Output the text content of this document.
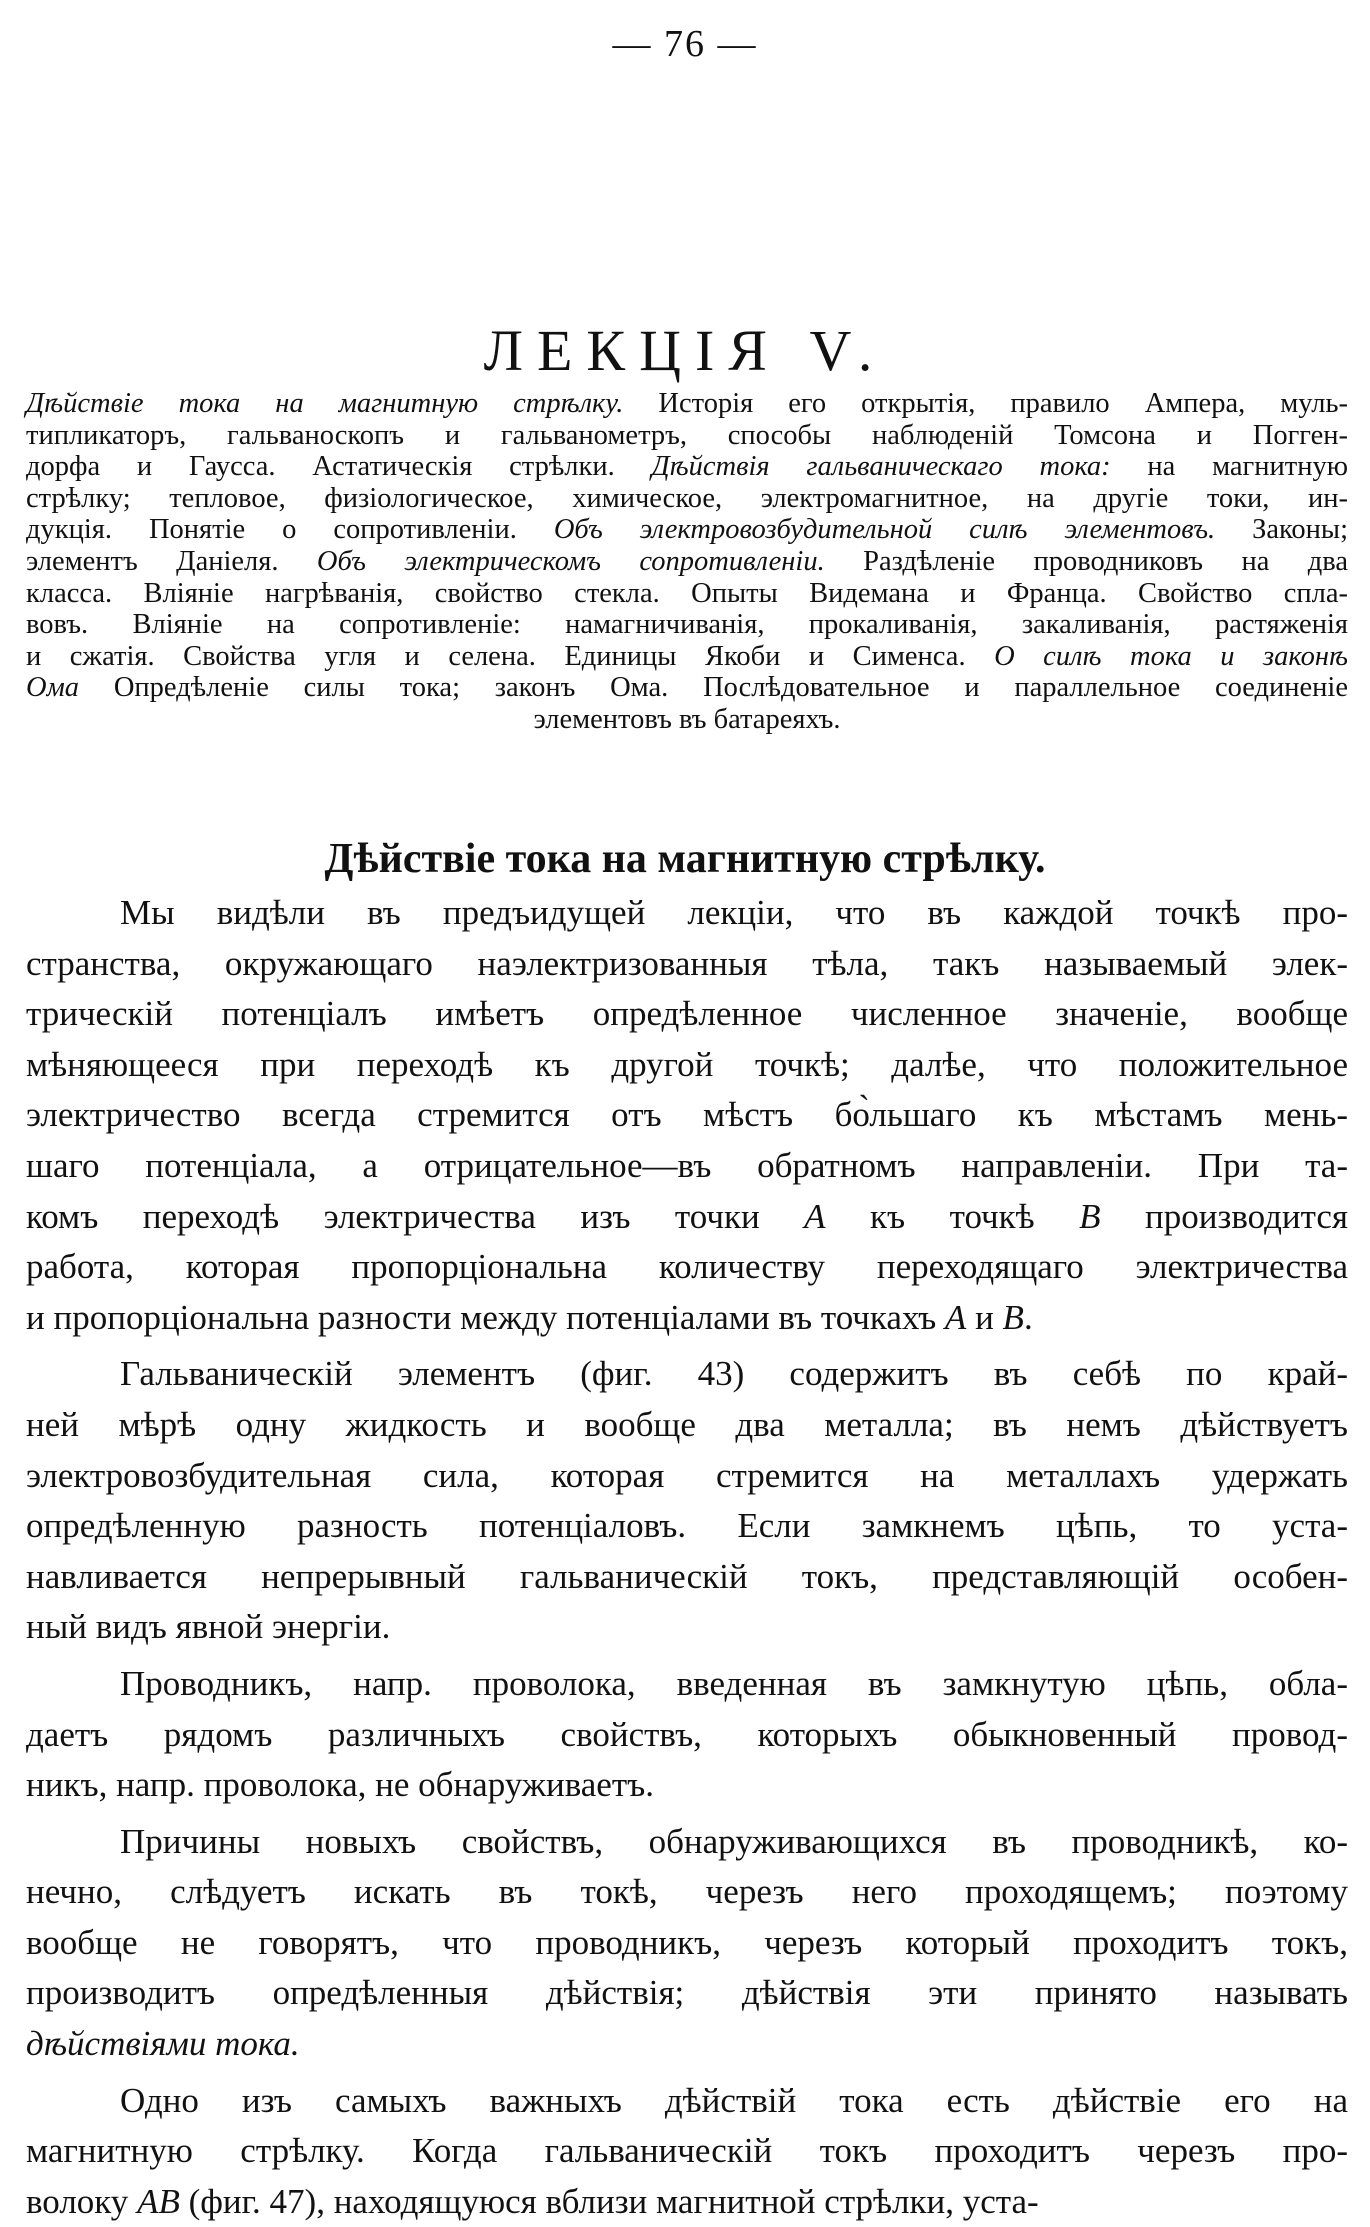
— 76 —
ЛЕКЦІЯ V.
Дѣйствіе тока на магнитную стрѣлку. Исторія его открытія, правило Ампера, муль-
типликаторъ, гальваноскопъ и гальванометръ, способы наблюденій Томсона и Погген-
дорфа и Гаусса. Астатическія стрѣлки. Дѣйствія гальваническаго тока: на магнитную
стрѣлку; тепловое, физіологическое, химическое, электромагнитное, на другіе токи, ин-
дукція. Понятіе о сопротивленіи. Объ электровозбудительной силѣ элементовъ. Законы;
элементъ Даніеля. Объ электрическомъ сопротивленіи. Раздѣленіе проводниковъ на два
класса. Вліяніе нагрѣванія, свойство стекла. Опыты Видемана и Франца. Свойство спла-
вовъ. Вліяніе на сопротивленіе: намагничиванія, прокаливанія, закаливанія, растяженія
и сжатія. Свойства угля и селена. Единицы Якоби и Сименса. О силѣ тока и законѣ
Ома Опредѣленіе силы тока; законъ Ома. Послѣдовательное и параллельное соединеніе
элементовъ въ батареяхъ.
Дѣйствіе тока на магнитную стрѣлку.
Мы видѣли въ предъидущей лекціи, что въ каждой точкѣ про-
странства, окружающаго наэлектризованныя тѣла, такъ называемый элек-
трическій потенціалъ имѣетъ опредѣленное численное значеніе, вообще
мѣняющееся при переходѣ къ другой точкѣ; далѣе, что положительное
электричество всегда стремится отъ мѣстъ бо̀льшаго къ мѣстамъ мень-
шаго потенціала, а отрицательное—въ обратномъ направленіи. При та-
комъ переходѣ электричества изъ точки A къ точкѣ B производится
работа, которая пропорціональна количеству переходящаго электричества
и пропорціональна разности между потенціалами въ точкахъ A и B.
Гальваническій элементъ (фиг. 43) содержитъ въ себѣ по край-
ней мѣрѣ одну жидкость и вообще два металла; въ немъ дѣйствуетъ
электровозбудительная сила, которая стремится на металлахъ удержать
опредѣленную разность потенціаловъ. Если замкнемъ цѣпь, то уста-
навливается непрерывный гальваническій токъ, представляющій особен-
ный видъ явной энергіи.
Проводникъ, напр. проволока, введенная въ замкнутую цѣпь, обла-
даетъ рядомъ различныхъ свойствъ, которыхъ обыкновенный провод-
никъ, напр. проволока, не обнаруживаетъ.
Причины новыхъ свойствъ, обнаруживающихся въ проводникѣ, ко-
нечно, слѣдуетъ искать въ токѣ, черезъ него проходящемъ; поэтому
вообще не говорятъ, что проводникъ, черезъ который проходитъ токъ,
производитъ опредѣленныя дѣйствія; дѣйствія эти принято называть
дѣйствіями тока.
Одно изъ самыхъ важныхъ дѣйствій тока есть дѣйствіе его на
магнитную стрѣлку. Когда гальваническій токъ проходитъ черезъ про-
волоку AB (фиг. 47), находящуюся вблизи магнитной стрѣлки, уста-
